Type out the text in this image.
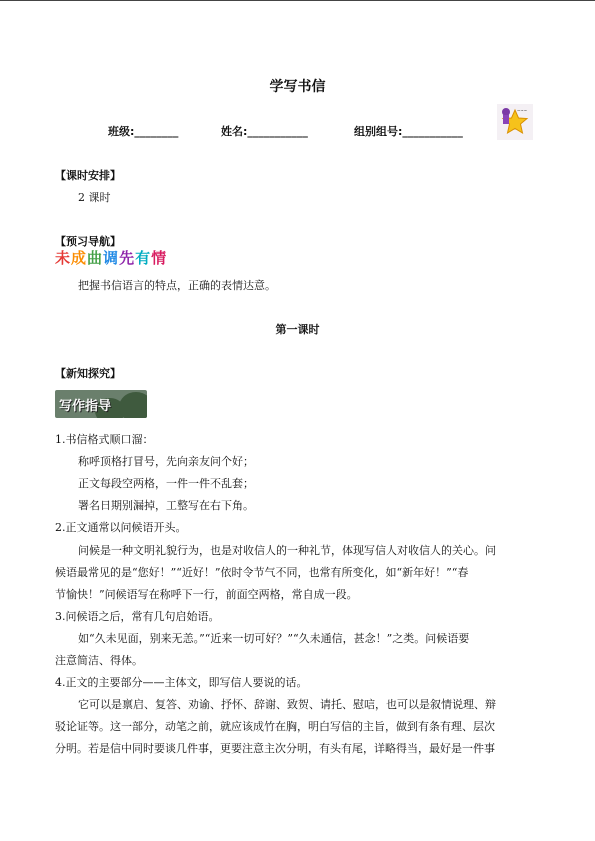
学写书信
班级:________	姓名:___________	组别组号:___________
~~~
【课时安排】
2 课时
【预习导航】
未成曲调先有情
把握书信语言的特点，正确的表情达意。
第一课时
【新知探究】
写作指导
1.书信格式顺口溜：
称呼顶格打冒号，先向亲友问个好；
正文每段空两格，一件一件不乱套；
署名日期别漏掉，工整写在右下角。
2.正文通常以问候语开头。
问候是一种文明礼貌行为，也是对收信人的一种礼节，体现写信人对收信人的关心。问
候语最常见的是“您好！”“近好！”依时令节气不同，也常有所变化，如“新年好！”“春
节愉快！”问候语写在称呼下一行，前面空两格，常自成一段。
3.问候语之后，常有几句启始语。
如“久未见面，别来无恙。”“近来一切可好？”“久未通信，甚念！”之类。问候语要
注意简洁、得体。
4.正文的主要部分——主体文，即写信人要说的话。
它可以是禀启、复答、劝谕、抒怀、辞谢、致贺、请托、慰唁，也可以是叙情说理、辩
驳论证等。这一部分，动笔之前，就应该成竹在胸，明白写信的主旨，做到有条有理、层次
分明。若是信中同时要谈几件事，更要注意主次分明，有头有尾，详略得当，最好是一件事
